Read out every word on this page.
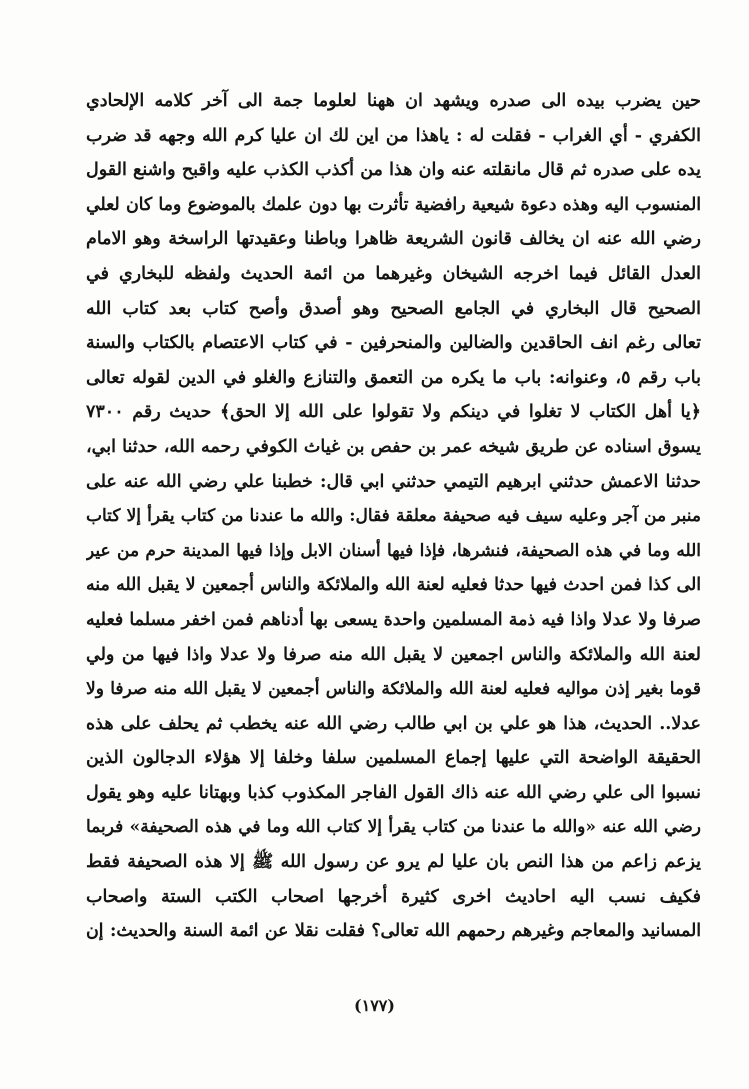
حين يضرب بيده الى صدره ويشهد ان ههنا لعلوما جمة الى آخر كلامه الإلحادي
الكفري - أي الغراب - فقلت له : ياهذا من اين لك ان عليا كرم الله وجهه قد ضرب
يده على صدره ثم قال مانقلته عنه وان هذا من أكذب الكذب عليه واقبح واشنع القول
المنسوب اليه وهذه دعوة شيعية رافضية تأثرت بها دون علمك بالموضوع وما كان لعلي
رضي الله عنه ان يخالف قانون الشريعة ظاهرا وباطنا وعقيدتها الراسخة وهو الامام
العدل القائل فيما اخرجه الشيخان وغيرهما من ائمة الحديث ولفظه للبخاري في
الصحيح قال البخاري في الجامع الصحيح وهو أصدق وأصح كتاب بعد كتاب الله
تعالى رغم انف الحاقدين والضالين والمنحرفين - في كتاب الاعتصام بالكتاب والسنة
باب رقم ٥، وعنوانه: باب ما يكره من التعمق والتنازع والغلو في الدين لقوله تعالى
﴿يا أهل الكتاب لا تغلوا في دينكم ولا تقولوا على الله إلا الحق﴾ حديث رقم ٧٣٠٠
يسوق اسناده عن طريق شيخه عمر بن حفص بن غياث الكوفي رحمه الله، حدثنا ابي،
حدثنا الاعمش حدثني ابرهيم التيمي حدثني ابي قال: خطبنا علي رضي الله عنه على
منبر من آجر وعليه سيف فيه صحيفة معلقة فقال: والله ما عندنا من كتاب يقرأ إلا كتاب
الله وما في هذه الصحيفة، فنشرها، فإذا فيها أسنان الابل وإذا فيها المدينة حرم من عير
الى كذا فمن احدث فيها حدثا فعليه لعنة الله والملائكة والناس أجمعين لا يقبل الله منه
صرفا ولا عدلا واذا فيه ذمة المسلمين واحدة يسعى بها أدناهم فمن اخفر مسلما فعليه
لعنة الله والملائكة والناس اجمعين لا يقبل الله منه صرفا ولا عدلا واذا فيها من ولي
قوما بغير إذن مواليه فعليه لعنة الله والملائكة والناس أجمعين لا يقبل الله منه صرفا ولا
عدلا.. الحديث، هذا هو علي بن ابي طالب رضي الله عنه يخطب ثم يحلف على هذه
الحقيقة الواضحة التي عليها إجماع المسلمين سلفا وخلفا إلا هؤلاء الدجالون الذين
نسبوا الى علي رضي الله عنه ذاك القول الفاجر المكذوب كذبا وبهتانا عليه وهو يقول
رضي الله عنه «والله ما عندنا من كتاب يقرأ إلا كتاب الله وما في هذه الصحيفة» فربما
يزعم زاعم من هذا النص بان عليا لم يرو عن رسول الله ﷺ إلا هذه الصحيفة فقط
فكيف نسب اليه احاديث اخرى كثيرة أخرجها اصحاب الكتب الستة واصحاب
المسانيد والمعاجم وغيرهم رحمهم الله تعالى؟ فقلت نقلا عن ائمة السنة والحديث: إن
(١٧٧)
